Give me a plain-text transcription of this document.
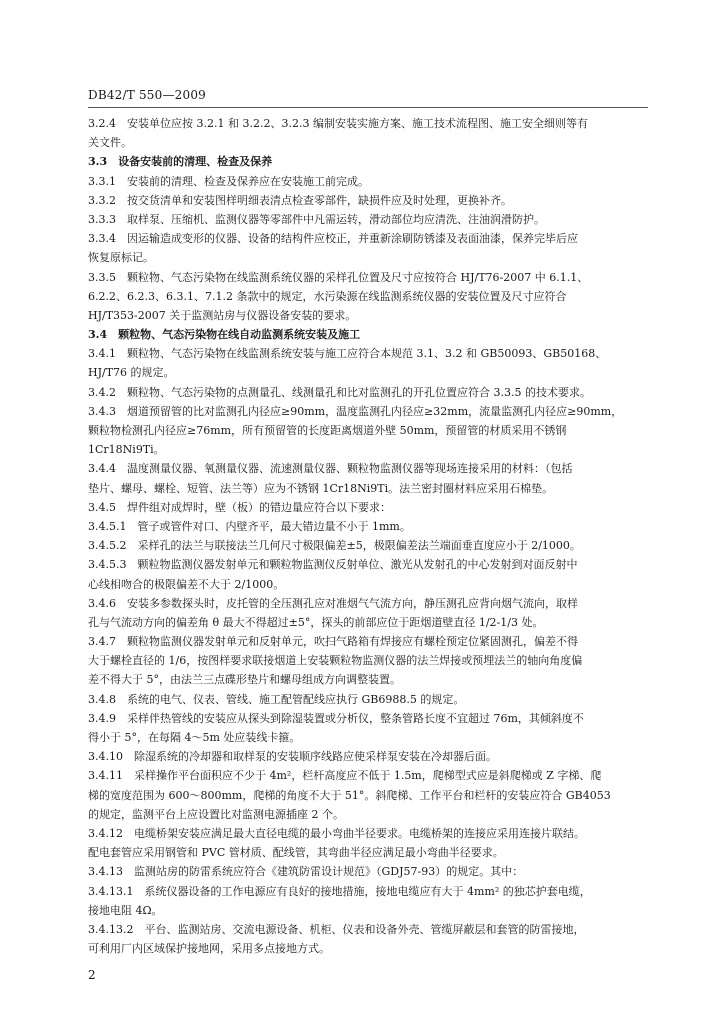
DB42/T 550—2009
3.2.4　安装单位应按 3.2.1 和 3.2.2、3.2.3 编制安装实施方案、施工技术流程图、施工安全细则等有
关文件。
3.3　设备安装前的清理、检查及保养
3.3.1　安装前的清理、检查及保养应在安装施工前完成。
3.3.2　按交货清单和安装图样明细表清点检查零部件，缺损件应及时处理，更换补齐。
3.3.3　取样泵、压缩机、监测仪器等零部件中凡需运转，滑动部位均应清洗、注油润滑防护。
3.3.4　因运输造成变形的仪器、设备的结构件应校正，并重新涂刷防锈漆及表面油漆，保养完毕后应
恢复原标记。
3.3.5　颗粒物、气态污染物在线监测系统仪器的采样孔位置及尺寸应按符合 HJ/T76-2007 中 6.1.1、
6.2.2、6.2.3、6.3.1、7.1.2 条款中的规定，水污染源在线监测系统仪器的安装位置及尺寸应符合
HJ/T353-2007 关于监测站房与仪器设备安装的要求。
3.4　颗粒物、气态污染物在线自动监测系统安装及施工
3.4.1　颗粒物、气态污染物在线监测系统安装与施工应符合本规范 3.1、3.2 和 GB50093、GB50168、
HJ/T76 的规定。
3.4.2　颗粒物、气态污染物的点测量孔、线测量孔和比对监测孔的开孔位置应符合 3.3.5 的技术要求。
3.4.3　烟道预留管的比对监测孔内径应≥90mm，温度监测孔内径应≥32mm，流量监测孔内径应≥90mm，
颗粒物检测孔内径应≥76mm，所有预留管的长度距离烟道外壁 50mm，预留管的材质采用不锈钢
1Cr18Ni9Ti。
3.4.4　温度测量仪器、氧测量仪器、流速测量仪器、颗粒物监测仪器等现场连接采用的材料：（包括
垫片、螺母、螺栓、短管、法兰等）应为不锈钢 1Cr18Ni9Ti。法兰密封圈材料应采用石棉垫。
3.4.5　焊件组对成焊时，壁（板）的错边量应符合以下要求：
3.4.5.1　管子或管件对口、内壁齐平，最大错边量不小于 1mm。
3.4.5.2　采样孔的法兰与联接法兰几何尺寸极限偏差±5，极限偏差法兰端面垂直度应小于 2/1000。
3.4.5.3　颗粒物监测仪器发射单元和颗粒物监测仪反射单位、激光从发射孔的中心发射到对面反射中
心线相吻合的极限偏差不大于 2/1000。
3.4.6　安装多参数探头时，皮托管的全压测孔应对准烟气气流方向，静压测孔应背向烟气流向，取样
孔与气流动方向的偏差角 θ 最大不得超过±5°，探头的前部应位于距烟道壁直径 1/2-1/3 处。
3.4.7　颗粒物监测仪器发射单元和反射单元，吹扫气路箱有焊接应有螺栓预定位紧固测孔，偏差不得
大于螺栓直径的 1/6，按图样要求联接烟道上安装颗粒物监测仪器的法兰焊接或预埋法兰的轴向角度偏
差不得大于 5°，由法兰三点碟形垫片和螺母组成方向调整装置。
3.4.8　系统的电气、仪表、管线、施工配管配线应执行 GB6988.5 的规定。
3.4.9　采样伴热管线的安装应从探头到除湿装置或分析仪，整条管路长度不宜超过 76m，其倾斜度不
得小于 5°，在每隔 4～5m 处应装线卡箍。
3.4.10　除湿系统的冷却器和取样泵的安装顺序线路应使采样泵安装在冷却器后面。
3.4.11　采样操作平台面积应不少于 4m²，栏杆高度应不低于 1.5m，爬梯型式应是斜爬梯或 Z 字梯、爬
梯的宽度范围为 600～800mm，爬梯的角度不大于 51°。斜爬梯、工作平台和栏杆的安装应符合 GB4053
的规定，监测平台上应设置比对监测电源插座 2 个。
3.4.12　电缆桥架安装应满足最大直径电缆的最小弯曲半径要求。电缆桥架的连接应采用连接片联结。
配电套管应采用钢管和 PVC 管材质、配线管，其弯曲半径应满足最小弯曲半径要求。
3.4.13　监测站房的防雷系统应符合《建筑防雷设计规范》（GDJ57-93）的规定。其中：
3.4.13.1　系统仪器设备的工作电源应有良好的接地措施，接地电缆应有大于 4mm² 的独芯护套电缆，
接地电阻 4Ω。
3.4.13.2　平台、监测站房、交流电源设备、机柜、仪表和设备外壳、管缆屏蔽层和套管的防雷接地，
可利用厂内区域保护接地网，采用多点接地方式。
2
